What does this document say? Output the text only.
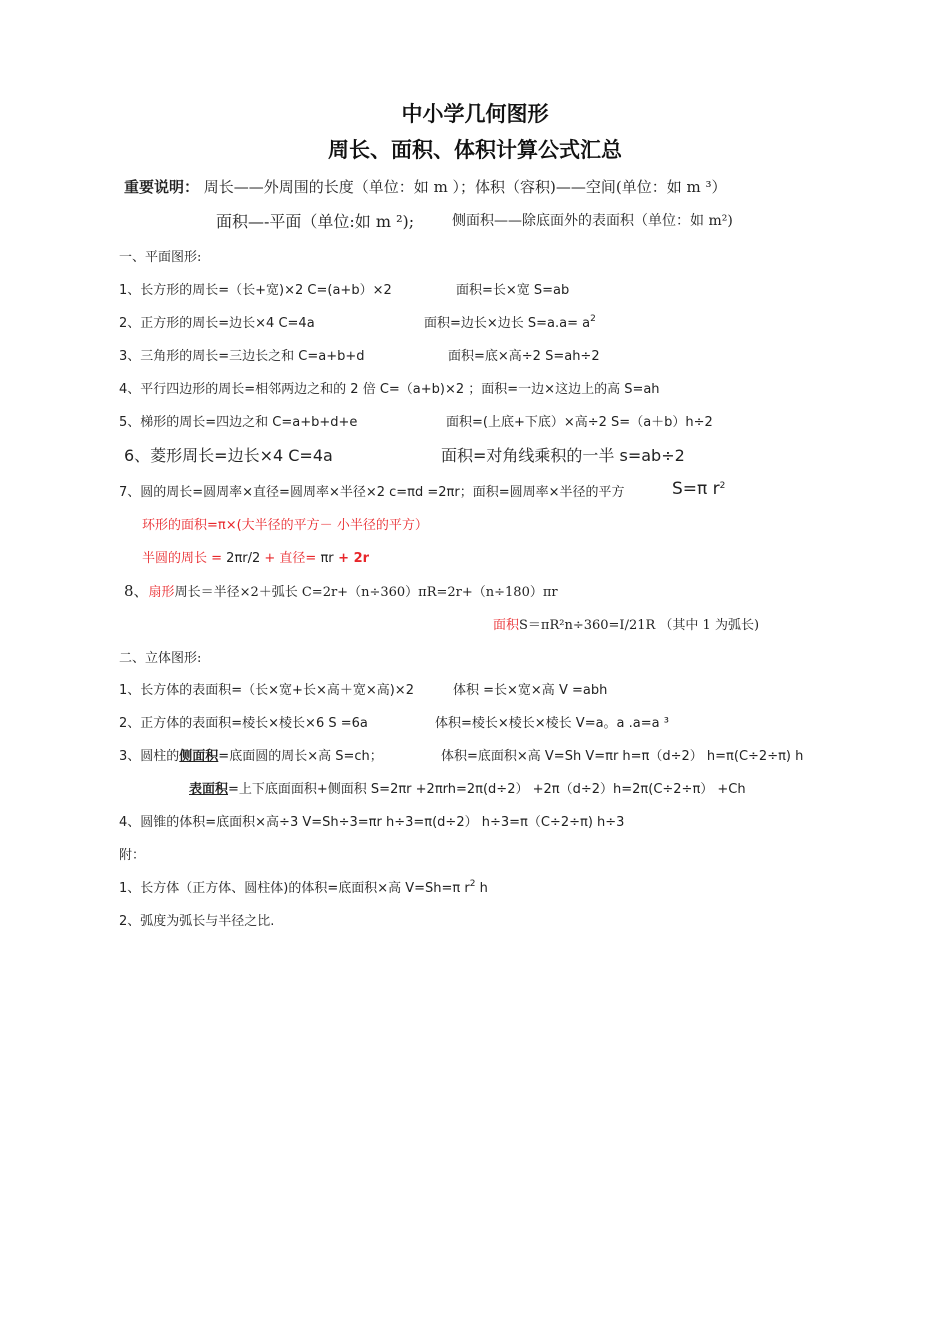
中小学几何图形
周长、面积、体积计算公式汇总
重要说明： 周长——外周围的长度（单位：如 m ）；体积（容积)——空间(单位：如 m ³）
面积—-平面（单位:如 m ²);	侧面积——除底面外的表面积（单位：如 m²)
一、平面图形:
1、长方形的周长=（长+宽)×2 C=(a+b）×2	面积=长×宽 S=ab
2、正方形的周长=边长×4 C=4a	面积=边长×边长 $S=a.a= a^2$
3、三角形的周长=三边长之和 C=a+b+d	面积=底×高÷2 S=ah÷2
4、平行四边形的周长=相邻两边之和的 2 倍 C=（a+b)×2 ；面积=一边×这边上的高 S=ah
5、梯形的周长=四边之和 C=a+b+d+e	面积=(上底+下底）×高÷2 S=（a＋b）h÷2
6、菱形周长=边长×4 C=4a	面积=对角线乘积的一半 s=ab÷2
7、圆的周长=圆周率×直径=圆周率×半径×2 c=πd =2πr；面积=圆周率×半径的平方	S=π $r^2$
环形的面积=π×(大半径的平方－ 小半径的平方）
半圆的周长 = 2πr/2 + 直径= πr + 2r
8、扇形周长＝半径×2＋弧长 C=2r+（n÷360）πR=2r+（n÷180）πr
面积S＝πR²n÷360=I/21R （其中 1 为弧长)
二、立体图形:
1、长方体的表面积=（长×宽+长×高＋宽×高)×2	体积 =长×宽×高 V =abh
2、正方体的表面积=棱长×棱长×6 S =6a	体积=棱长×棱长×棱长 V=a。a .a=a ³
3、圆柱的侧面积=底面圆的周长×高 S=ch；	体积=底面积×高 V=Sh V=πr h=π（d÷2） h=π(C÷2÷π) h
表面积=上下底面面积+侧面积 S=2πr +2πrh=2π(d÷2） +2π（d÷2）h=2π(C÷2÷π） +Ch
4、圆锥的体积=底面积×高÷3 V=Sh÷3=πr h÷3=π(d÷2） h÷3=π（C÷2÷π) h÷3
附：
1、长方体（正方体、圆柱体)的体积=底面积×高 V=Sh=π $r^2$ h
2、弧度为弧长与半径之比.
